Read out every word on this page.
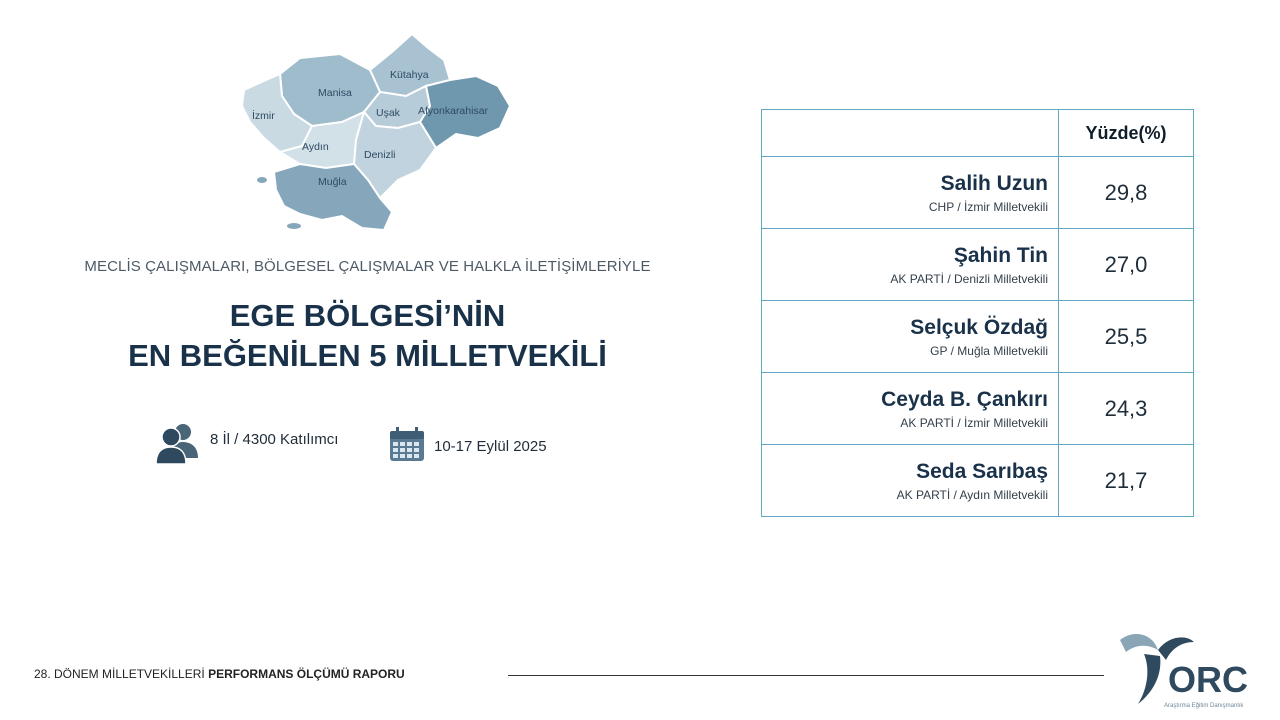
Kütahya
Manisa
Uşak Afyonkarahisar
İzmir
Aydın
Denizli
Muğla
MECLİS ÇALIŞMALARI, BÖLGESEL ÇALIŞMALAR VE HALKLA İLETİŞİMLERİYLE
EGE BÖLGESİ’NİN
EN BEĞENİLEN 5 MİLLETVEKİLİ
8 İl / 4300 Katılımcı	10-17 Eylül 2025
	Yüzde(%)

Salih Uzun
CHP / İzmir Milletvekili	29,8

Şahin Tin
AK PARTİ / Denizli Milletvekili	27,0

Selçuk Özdağ
GP / Muğla Milletvekili	25,5

Ceyda B. Çankırı
AK PARTİ / İzmir Milletvekili	24,3

Seda Sarıbaş
AK PARTİ / Aydın Milletvekili	21,7
28. DÖNEM MİLLETVEKİLLERİ PERFORMANS ÖLÇÜMÜ RAPORU	ORC
Araştırma Eğitim Danışmanlık
